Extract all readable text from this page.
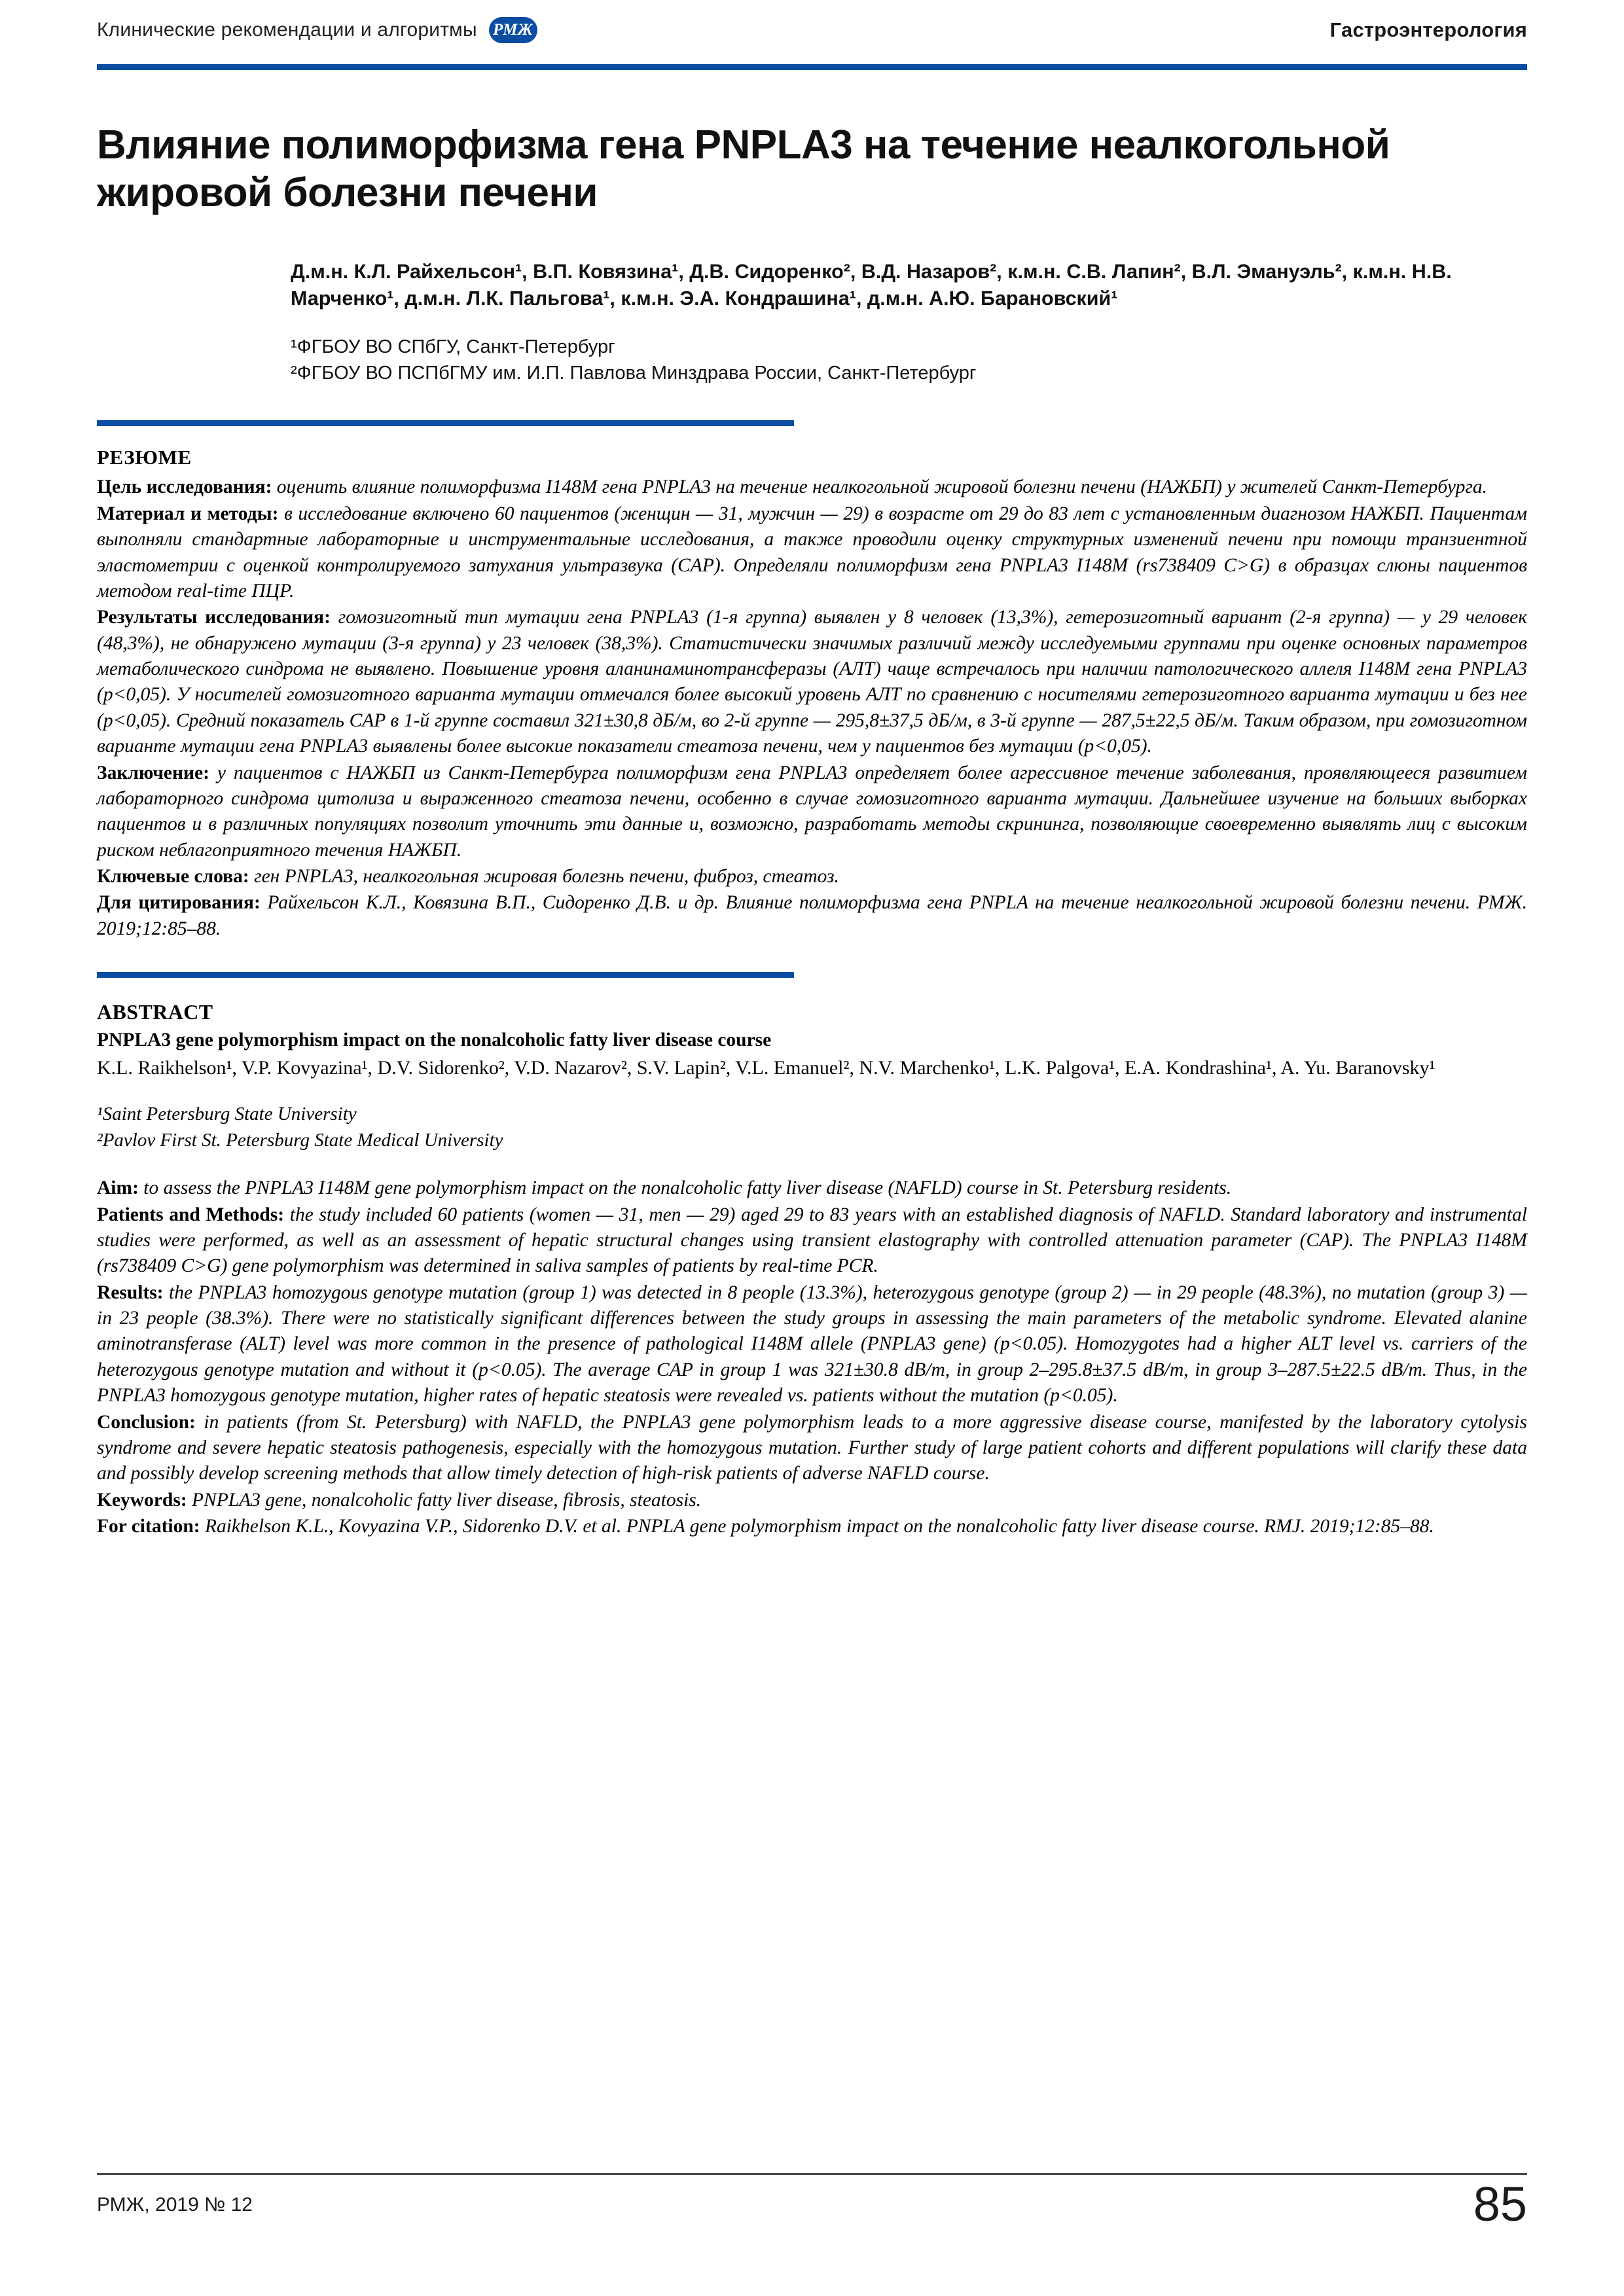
Клинические рекомендации и алгоритмы РМЖ	Гастроэнтерология
Влияние полиморфизма гена PNPLA3 на течение неалкогольной жировой болезни печени
Д.м.н. К.Л. Райхельсон¹, В.П. Ковязина¹, Д.В. Сидоренко², В.Д. Назаров², к.м.н. С.В. Лапин², В.Л. Эмануэль², к.м.н. Н.В. Марченко¹, д.м.н. Л.К. Пальгова¹, к.м.н. Э.А. Кондрашина¹, д.м.н. А.Ю. Барановский¹
¹ФГБОУ ВО СПбГУ, Санкт-Петербург
²ФГБОУ ВО ПСПбГМУ им. И.П. Павлова Минздрава России, Санкт-Петербург
РЕЗЮМЕ

Цель исследования: оценить влияние полиморфизма I148M гена PNPLA3 на течение неалкогольной жировой болезни печени (НАЖБП) у жителей Санкт-Петербурга.

Материал и методы: в исследование включено 60 пациентов (женщин — 31, мужчин — 29) в возрасте от 29 до 83 лет с установленным диагнозом НАЖБП. Пациентам выполняли стандартные лабораторные и инструментальные исследования, а также проводили оценку структурных изменений печени при помощи транзиентной эластометрии с оценкой контролируемого затухания ультразвука (CAP). Определяли полиморфизм гена PNPLA3 I148M (rs738409 C>G) в образцах слюны пациентов методом real-time ПЦР.

Результаты исследования: гомозиготный тип мутации гена PNPLA3 (1-я группа) выявлен у 8 человек (13,3%), гетерозиготный вариант (2-я группа) — у 29 человек (48,3%), не обнаружено мутации (3-я группа) у 23 человек (38,3%). Статистически значимых различий между исследуемыми группами при оценке основных параметров метаболического синдрома не выявлено. Повышение уровня аланинаминотрансферазы (АЛТ) чаще встречалось при наличии патологического аллеля I148M гена PNPLA3 (p<0,05). У носителей гомозиготного варианта мутации отмечался более высокий уровень АЛТ по сравнению с носителями гетерозиготного варианта мутации и без нее (p<0,05). Средний показатель CAP в 1-й группе составил 321±30,8 дБ/м, во 2-й группе — 295,8±37,5 дБ/м, в 3-й группе — 287,5±22,5 дБ/м. Таким образом, при гомозиготном варианте мутации гена PNPLA3 выявлены более высокие показатели стеатоза печени, чем у пациентов без мутации (p<0,05).

Заключение: у пациентов с НАЖБП из Санкт-Петербурга полиморфизм гена PNPLA3 определяет более агрессивное течение заболевания, проявляющееся развитием лабораторного синдрома цитолиза и выраженного стеатоза печени, особенно в случае гомозиготного варианта мутации. Дальнейшее изучение на больших выборках пациентов и в различных популяциях позволит уточнить эти данные и, возможно, разработать методы скрининга, позволяющие своевременно выявлять лиц с высоким риском неблагоприятного течения НАЖБП.

Ключевые слова: ген PNPLA3, неалкогольная жировая болезнь печени, фиброз, стеатоз.

Для цитирования: Райхельсон К.Л., Ковязина В.П., Сидоренко Д.В. и др. Влияние полиморфизма гена PNPLA на течение неалкогольной жировой болезни печени. РМЖ. 2019;12:85–88.

ABSTRACT
PNPLA3 gene polymorphism impact on the nonalcoholic fatty liver disease course
K.L. Raikhelson¹, V.P. Kovyazina¹, D.V. Sidorenko², V.D. Nazarov², S.V. Lapin², V.L. Emanuel², N.V. Marchenko¹, L.K. Palgova¹, E.A. Kondrashina¹, A. Yu. Baranovsky¹
¹Saint Petersburg State University
²Pavlov First St. Petersburg State Medical University

Aim: to assess the PNPLA3 I148M gene polymorphism impact on the nonalcoholic fatty liver disease (NAFLD) course in St. Petersburg residents.

Patients and Methods: the study included 60 patients (women — 31, men — 29) aged 29 to 83 years with an established diagnosis of NAFLD. Standard laboratory and instrumental studies were performed, as well as an assessment of hepatic structural changes using transient elastography with controlled attenuation parameter (CAP). The PNPLA3 I148M (rs738409 C>G) gene polymorphism was determined in saliva samples of patients by real-time PCR.

Results: the PNPLA3 homozygous genotype mutation (group 1) was detected in 8 people (13.3%), heterozygous genotype (group 2) — in 29 people (48.3%), no mutation (group 3) — in 23 people (38.3%). There were no statistically significant differences between the study groups in assessing the main parameters of the metabolic syndrome. Elevated alanine aminotransferase (ALT) level was more common in the presence of pathological I148M allele (PNPLA3 gene) (p<0.05). Homozygotes had a higher ALT level vs. carriers of the heterozygous genotype mutation and without it (p<0.05). The average CAP in group 1 was 321±30.8 dB/m, in group 2–295.8±37.5 dB/m, in group 3–287.5±22.5 dB/m. Thus, in the PNPLA3 homozygous genotype mutation, higher rates of hepatic steatosis were revealed vs. patients without the mutation (p<0.05).

Conclusion: in patients (from St. Petersburg) with NAFLD, the PNPLA3 gene polymorphism leads to a more aggressive disease course, manifested by the laboratory cytolysis syndrome and severe hepatic steatosis pathogenesis, especially with the homozygous mutation. Further study of large patient cohorts and different populations will clarify these data and possibly develop screening methods that allow timely detection of high-risk patients of adverse NAFLD course.

Keywords: PNPLA3 gene, nonalcoholic fatty liver disease, fibrosis, steatosis.

For citation: Raikhelson K.L., Kovyazina V.P., Sidorenko D.V. et al. PNPLA gene polymorphism impact on the nonalcoholic fatty liver disease course. RMJ. 2019;12:85–88.

РМЖ, 2019 № 12	85
